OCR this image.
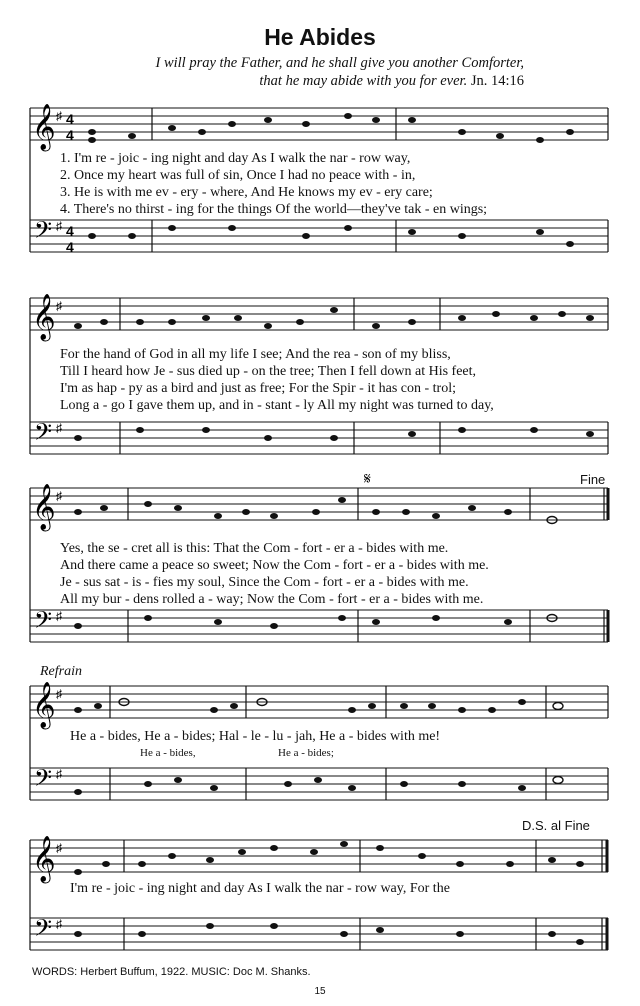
He Abides

I will pray the Father, and he shall give you another Comforter,

that he may abide with you for ever. Jn. 14:16

𝄞
𝄢
♯
♯
4
4
4
4

1. I'm re - joic - ing night and day As I walk the nar - row way,

2. Once my heart was full of sin, Once I had no peace with - in,

3. He is with me ev - ery - where, And He knows my ev - ery care;

4. There's no thirst - ing for the things Of the world—they've tak - en wings;

𝄞
𝄢
♯
♯

For the hand of God in all my life I see; And the rea - son of my bliss,

Till I heard how Je - sus died up - on the tree; Then I fell down at His feet,

I'm as hap - py as a bird and just as free; For the Spir - it has con - trol;

Long a - go I gave them up, and in - stant - ly All my night was turned to day,

𝄞
𝄢
♯
♯
𝄋	Fine

Yes, the se - cret all is this: That the Com - fort - er a - bides with me.

And there came a peace so sweet; Now the Com - fort - er a - bides with me.

Je - sus sat - is - fies my soul, Since the Com - fort - er a - bides with me.

All my bur - dens rolled a - way; Now the Com - fort - er a - bides with me.

Refrain
𝄞
𝄢
♯
♯

He a - bides, He a - bides; Hal - le - lu - jah, He a - bides with me!

He a - bides,	He a - bides;
𝄞
𝄢
♯
♯
D.S. al Fine

I'm re - joic - ing night and day As I walk the nar - row way, For the

WORDS: Herbert Buffum, 1922. MUSIC: Doc M. Shanks.

15
